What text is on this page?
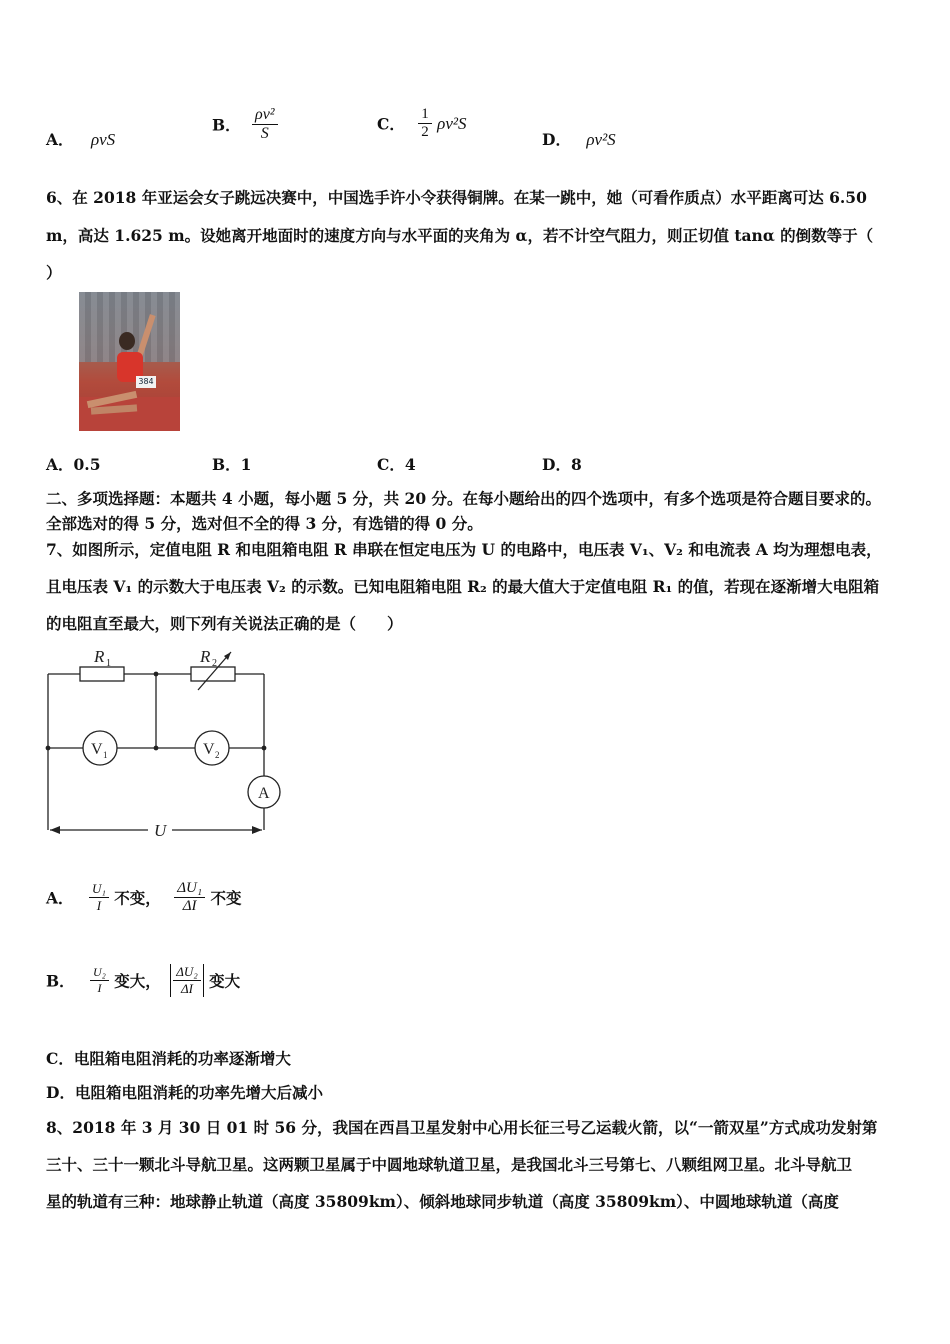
A． ρvS
B． $\frac{\text{ρv²}}{S}$	C． $\frac{1}{2} \rho v^2S$
D． ρv²S
6、在 2018 年亚运会女子跳远决赛中，中国选手许小令获得铜牌。在某一跳中，她（可看作质点）水平距离可达 6.50
m，高达 1.625 m。设她离开地面时的速度方向与水平面的夹角为 α，若不计空气阻力，则正切值 tanα 的倒数等于（
）
384
A．0.5	B．1	C．4	D．8
二、多项选择题：本题共 4 小题，每小题 5 分，共 20 分。在每小题给出的四个选项中，有多个选项是符合题目要求的。
全部选对的得 5 分，选对但不全的得 3 分，有选错的得 0 分。
7、如图所示，定值电阻 R 和电阻箱电阻 R 串联在恒定电压为 U 的电路中，电压表 V₁、V₂ 和电流表 A 均为理想电表，
且电压表 V₁ 的示数大于电压表 V₂ 的示数。已知电阻箱电阻 R₂ 的最大值大于定值电阻 R₁ 的值，若现在逐渐增大电阻箱
的电阻直至最大，则下列有关说法正确的是（　　）
R 1	R 2
V 1	V 2
A
U
A． $\frac{\text{U₁}}{I}$ 不变， $\frac{\text{ΔU₁}}{\Delta I}$ 不变
B． $\frac{\text{U₂}}{I}$ 变大， $\frac{\text{ΔU₂}}{\Delta I}$ 变大
C．电阻箱电阻消耗的功率逐渐增大
D．电阻箱电阻消耗的功率先增大后减小
8、2018 年 3 月 30 日 01 时 56 分，我国在西昌卫星发射中心用长征三号乙运载火箭，以“一箭双星”方式成功发射第
三十、三十一颗北斗导航卫星。这两颗卫星属于中圆地球轨道卫星，是我国北斗三号第七、八颗组网卫星。北斗导航卫
星的轨道有三种：地球静止轨道（高度 35809km）、倾斜地球同步轨道（高度 35809km）、中圆地球轨道（高度
